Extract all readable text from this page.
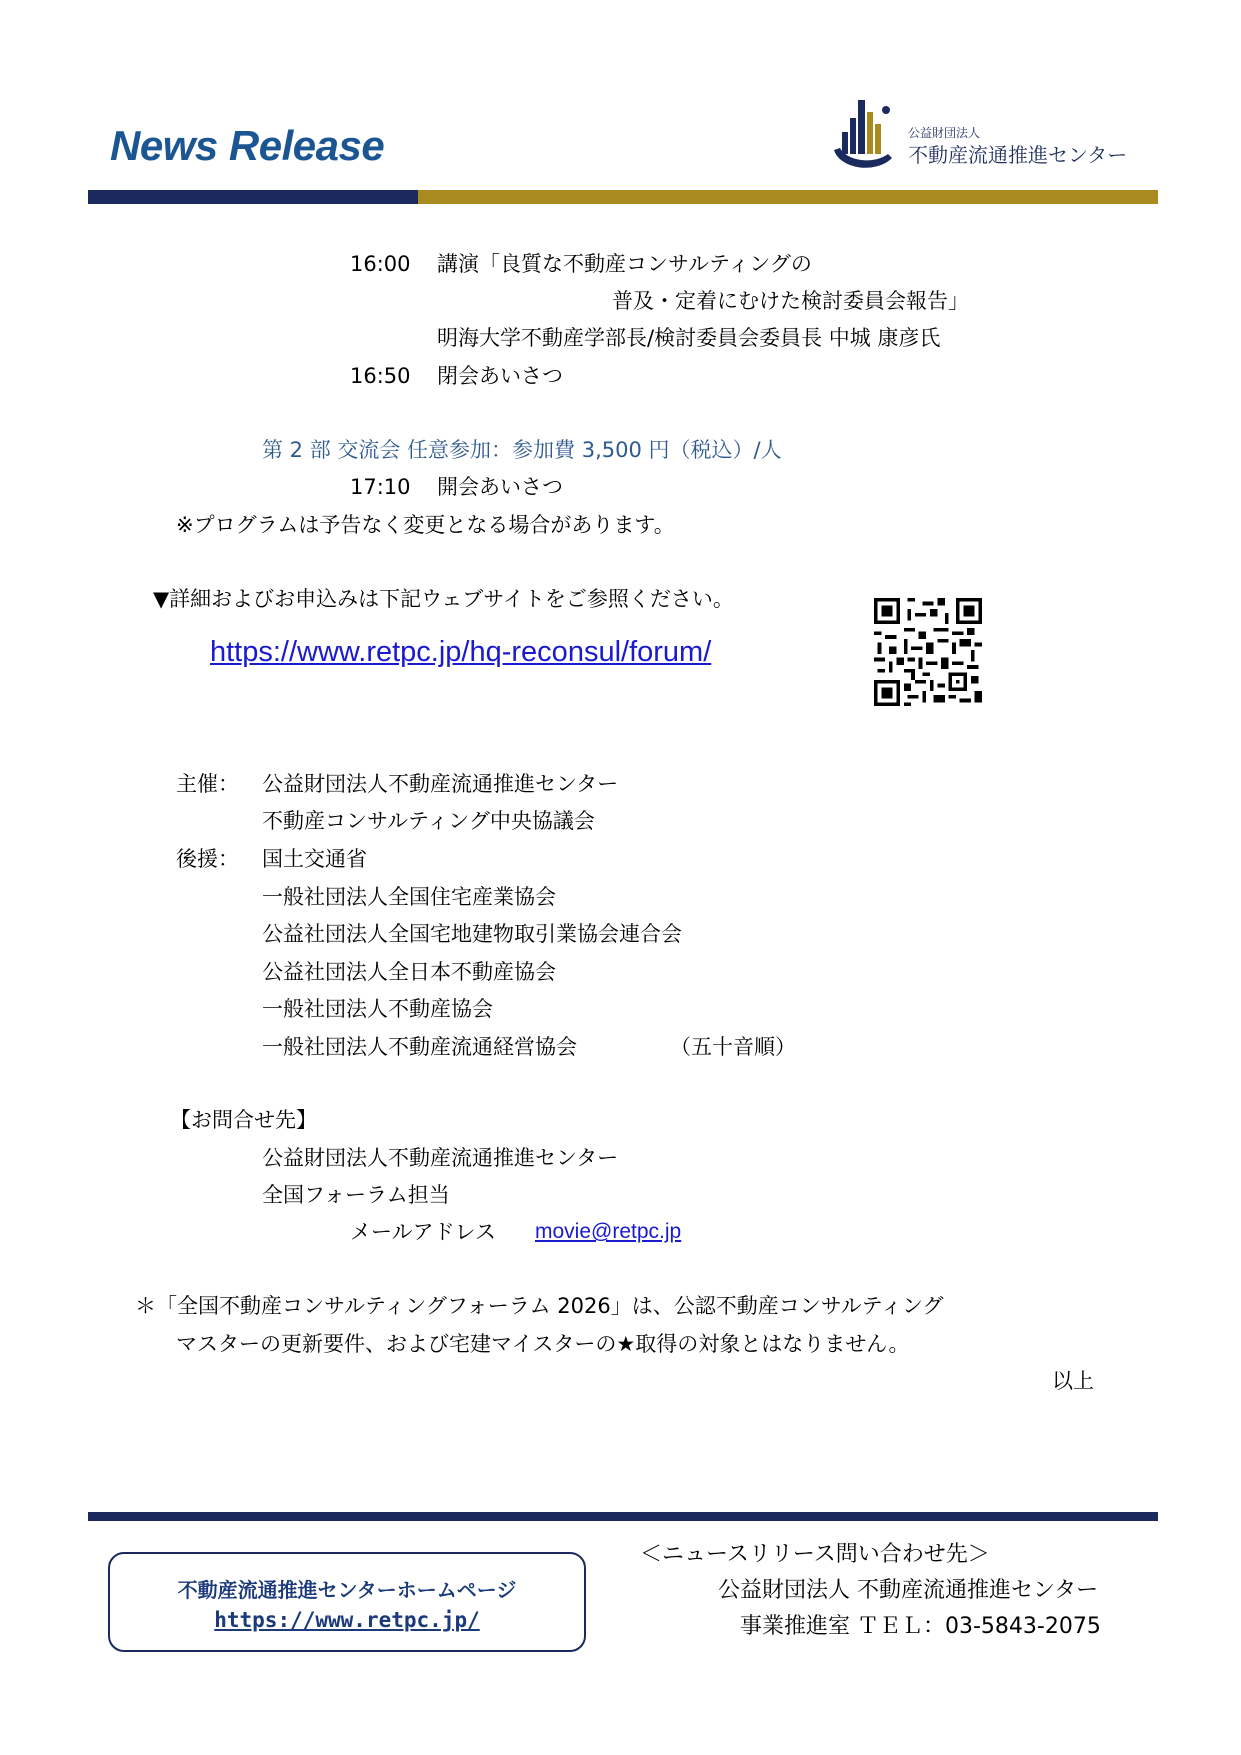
News Release	公益財団法人
不動産流通推進センター
16:00 講演「良質な不動産コンサルティングの
普及・定着にむけた検討委員会報告」
明海大学不動産学部長/検討委員会委員長 中城 康彦氏
16:50 閉会あいさつ
第 2 部 交流会 任意参加：参加費 3,500 円（税込）/人
17:10 開会あいさつ
※プログラムは予告なく変更となる場合があります。
▼詳細およびお申込みは下記ウェブサイトをご参照ください。
https://www.retpc.jp/hq-reconsul/forum/
主催： 公益財団法人不動産流通推進センター
不動産コンサルティング中央協議会
後援： 国土交通省
一般社団法人全国住宅産業協会
公益社団法人全国宅地建物取引業協会連合会
公益社団法人全日本不動産協会
一般社団法人不動産協会
一般社団法人不動産流通経営協会	（五十音順）
【お問合せ先】
公益財団法人不動産流通推進センター
全国フォーラム担当
メールアドレス movie@retpc.jp
＊「全国不動産コンサルティングフォーラム 2026」は、公認不動産コンサルティング
マスターの更新要件、および宅建マイスターの★取得の対象とはなりません。
以上
不動産流通推進センターホームページ
https://www.retpc.jp/
＜ニュースリリース問い合わせ先＞
公益財団法人 不動産流通推進センター
事業推進室 ＴＥＬ：03-5843-2075
